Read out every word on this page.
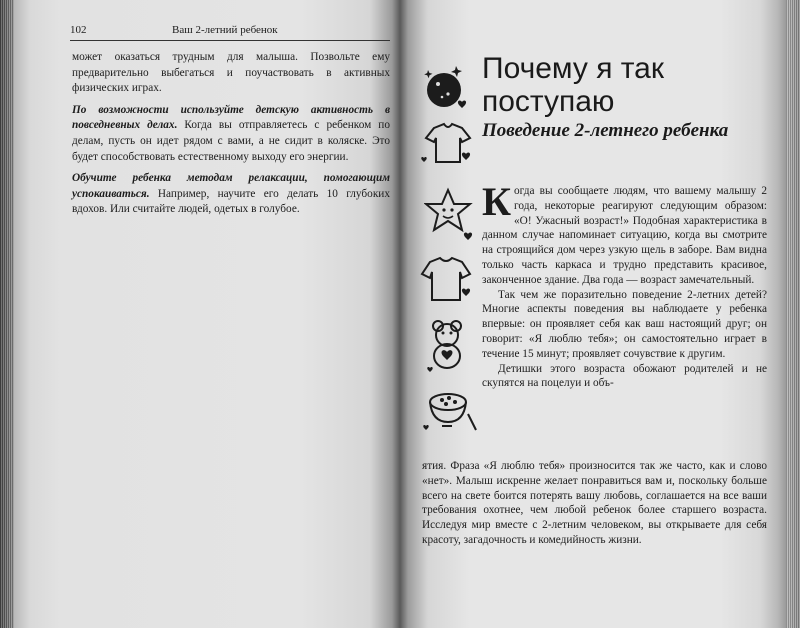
102	Ваш 2-летний ребенок

может оказаться трудным для малыша. Позвольте ему предварительно выбегаться и поучаствовать в активных физических играх.

По возможности используйте детскую активность в повседневных делах. Когда вы отправляетесь с ребенком по делам, пусть он идет рядом с вами, а не сидит в коляске. Это будет способствовать естественному выходу его энергии.

Обучите ребенка методам релаксации, помогающим успокаиваться. Например, научите его делать 10 глубоких вдохов. Или считайте людей, одетых в голубое.

Почему я так поступаю
Поведение 2-летнего ребенка

Когда вы сообщаете людям, что вашему малышу 2 года, некоторые реагируют следующим образом: «О! Ужасный возраст!» Подобная характеристика в данном случае напоминает ситуацию, когда вы смотрите на строящийся дом через узкую щель в заборе. Вам видна только часть каркаса и трудно представить красивое, законченное здание. Два года — возраст замечательный.

Так чем же поразительно поведение 2-летних детей? Многие аспекты поведения вы наблюдаете у ребенка впервые: он проявляет себя как ваш настоящий друг; он говорит: «Я люблю тебя»; он самостоятельно играет в течение 15 минут; проявляет сочувствие к другим.

Детишки этого возраста обожают родителей и не скупятся на поцелуи и объ-

ятия. Фраза «Я люблю тебя» произносится так же часто, как и слово «нет». Малыш искренне желает понравиться вам и, поскольку больше всего на свете боится потерять вашу любовь, соглашается на все ваши требования охотнее, чем любой ребенок более старшего возраста. Исследуя мир вместе с 2-летним человеком, вы открываете для себя красоту, загадочность и комедийность жизни.
